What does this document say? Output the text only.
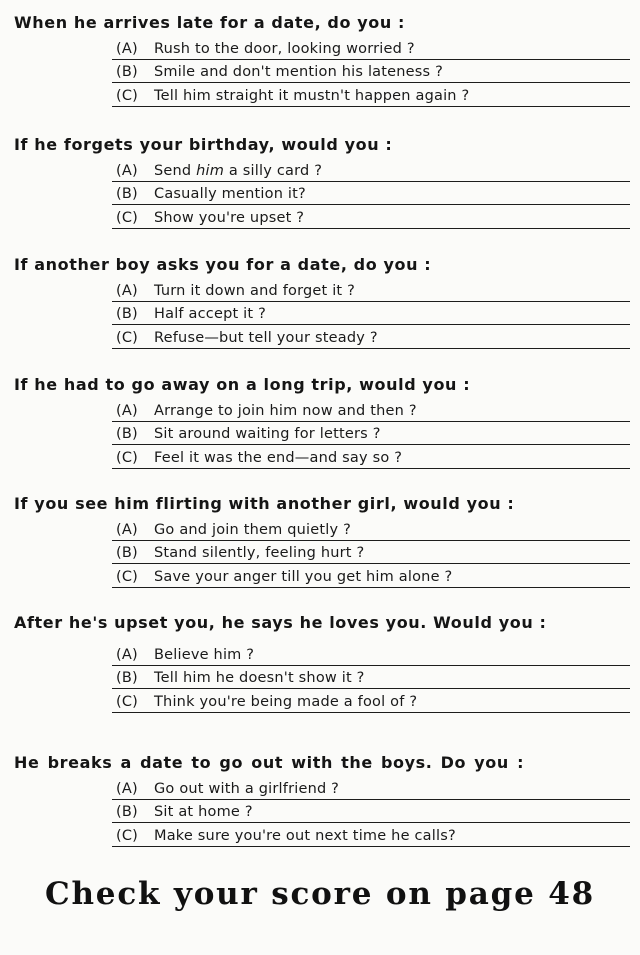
When he arrives late for a date, do you :

(A)	Rush to the door, looking worried ?
(B)	Smile and don't mention his lateness ?
(C)	Tell him straight it mustn't happen again ?

If he forgets your birthday, would you :

(A)	Send him a silly card ?
(B)	Casually mention it?
(C)	Show you're upset ?

If another boy asks you for a date, do you :

(A)	Turn it down and forget it ?
(B)	Half accept it ?
(C)	Refuse—but tell your steady ?

If he had to go away on a long trip, would you :

(A)	Arrange to join him now and then ?
(B)	Sit around waiting for letters ?
(C)	Feel it was the end—and say so ?

If you see him flirting with another girl, would you :

(A)	Go and join them quietly ?
(B)	Stand silently, feeling hurt ?
(C)	Save your anger till you get him alone ?

After he's upset you, he says he loves you. Would you :

(A)	Believe him ?
(B)	Tell him he doesn't show it ?
(C)	Think you're being made a fool of ?

He breaks a date to go out with the boys. Do you :

(A)	Go out with a girlfriend ?
(B)	Sit at home ?
(C)	Make sure you're out next time he calls?

Check your score on page 48
